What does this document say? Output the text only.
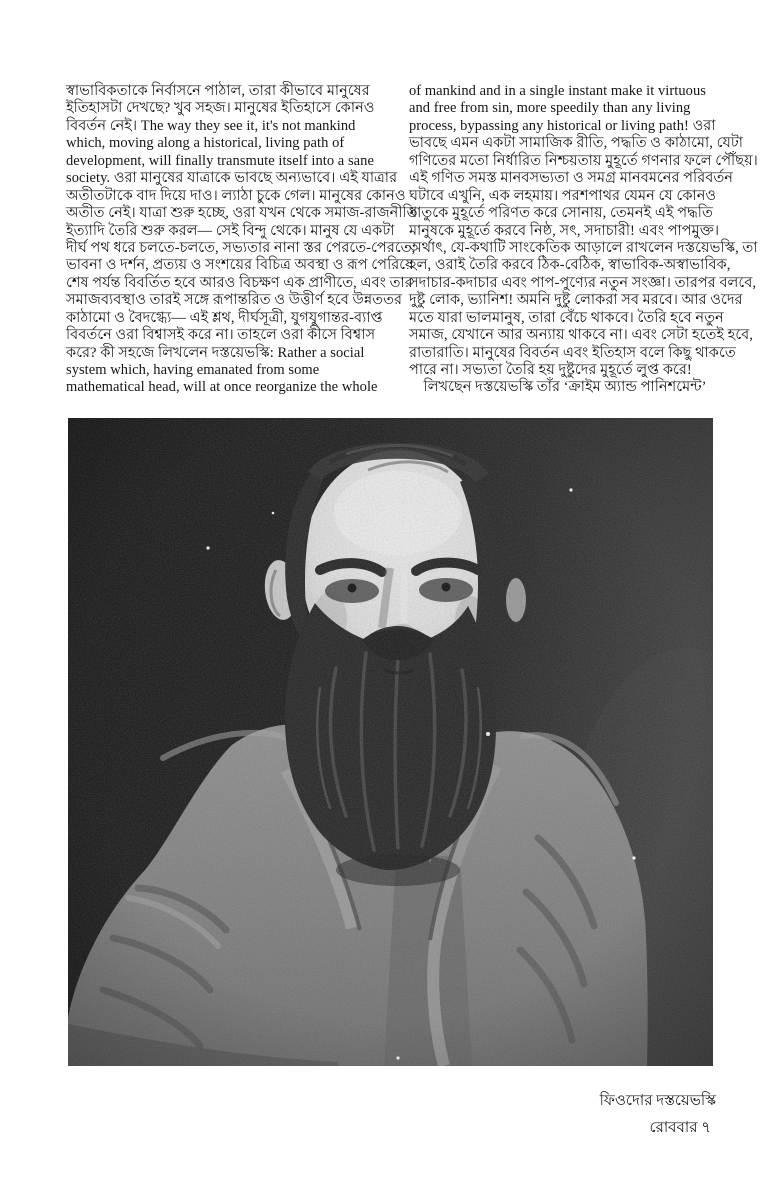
স্বাভাবিকতাকে নির্বাসনে পাঠাল, তারা কীভাবে মানুষের
ইতিহাসটা দেখছে? খুব সহজ। মানুষের ইতিহাসে কোনও
বিবর্তন নেই। The way they see it, it's not mankind
which, moving along a historical, living path of
development, will finally transmute itself into a sane
society. ওরা মানুষের যাত্রাকে ভাবছে অন্যভাবে। এই যাত্রার
অতীতটাকে বাদ দিয়ে দাও। ল্যাঠা চুকে গেল। মানুষের কোনও
অতীত নেই। যাত্রা শুরু হচ্ছে, ওরা যখন থেকে সমাজ-রাজনীতি
ইত্যাদি তৈরি শুরু করল— সেই বিন্দু থেকে। মানুষ যে একটা
দীর্ঘ পথ ধরে চলতে-চলতে, সভ্যতার নানা স্তর পেরতে-পেরতে,
ভাবনা ও দর্শন, প্রত্যয় ও সংশয়ের বিচিত্র অবস্থা ও রূপ পেরিয়ে
শেষ পর্যন্ত বিবর্তিত হবে আরও বিচক্ষণ এক প্রাণীতে, এবং তার
সমাজব্যবস্থাও তারই সঙ্গে রূপান্তরিত ও উত্তীর্ণ হবে উন্নততর
কাঠামো ও বৈদগ্ধ্যে— এই শ্লথ, দীর্ঘসূত্রী, যুগযুগান্তর-ব্যাপ্ত
বিবর্তনে ওরা বিশ্বাসই করে না। তাহলে ওরা কীসে বিশ্বাস
করে? কী সহজে লিখলেন দস্তয়েভস্কি: Rather a social
system which, having emanated from some
mathematical head, will at once reorganize the whole
of mankind and in a single instant make it virtuous
and free from sin, more speedily than any living
process, bypassing any historical or living path! ওরা
ভাবছে এমন একটা সামাজিক রীতি, পদ্ধতি ও কাঠামো, যেটা
গণিতের মতো নির্ধারিত নিশ্চয়তায় মুহূর্তে গণনার ফলে পৌঁছয়।
এই গণিত সমস্ত মানবসভ্যতা ও সমগ্র মানবমনের পরিবর্তন
ঘটাবে এখুনি, এক লহমায়। পরশপাথর যেমন যে কোনও
ধাতুকে মুহূর্তে পরিণত করে সোনায়, তেমনই এই পদ্ধতি
মানুষকে মুহূর্তে করবে নিষ্ঠ, সৎ, সদাচারী! এবং পাপমুক্ত।
অর্থাৎ, যে-কথাটি সাংকেতিক আড়ালে রাখলেন দস্তয়েভস্কি, তা
হল, ওরাই তৈরি করবে ঠিক-বেঠিক, স্বাভাবিক-অস্বাভাবিক,
সদাচার-কদাচার এবং পাপ-পুণ্যের নতুন সংজ্ঞা। তারপর বলবে,
দুষ্টু লোক, ভ্যানিশ! অমনি দুষ্টু লোকরা সব মরবে। আর ওদের
মতে যারা ভালমানুষ, তারা বেঁচে থাকবে। তৈরি হবে নতুন
সমাজ, যেখানে আর অন্যায় থাকবে না। এবং সেটা হতেই হবে,
রাতারাতি। মানুষের বিবর্তন এবং ইতিহাস বলে কিছু থাকতে
পারে না। সভ্যতা তৈরি হয় দুষ্টুদের মুহূর্তে লুপ্ত করে!
 লিখছেন দস্তয়েভস্কি তাঁর ‘ক্রাইম অ্যান্ড পানিশমেন্ট’
ফিওদোর দস্তয়েভস্কি
রোববার ৭
